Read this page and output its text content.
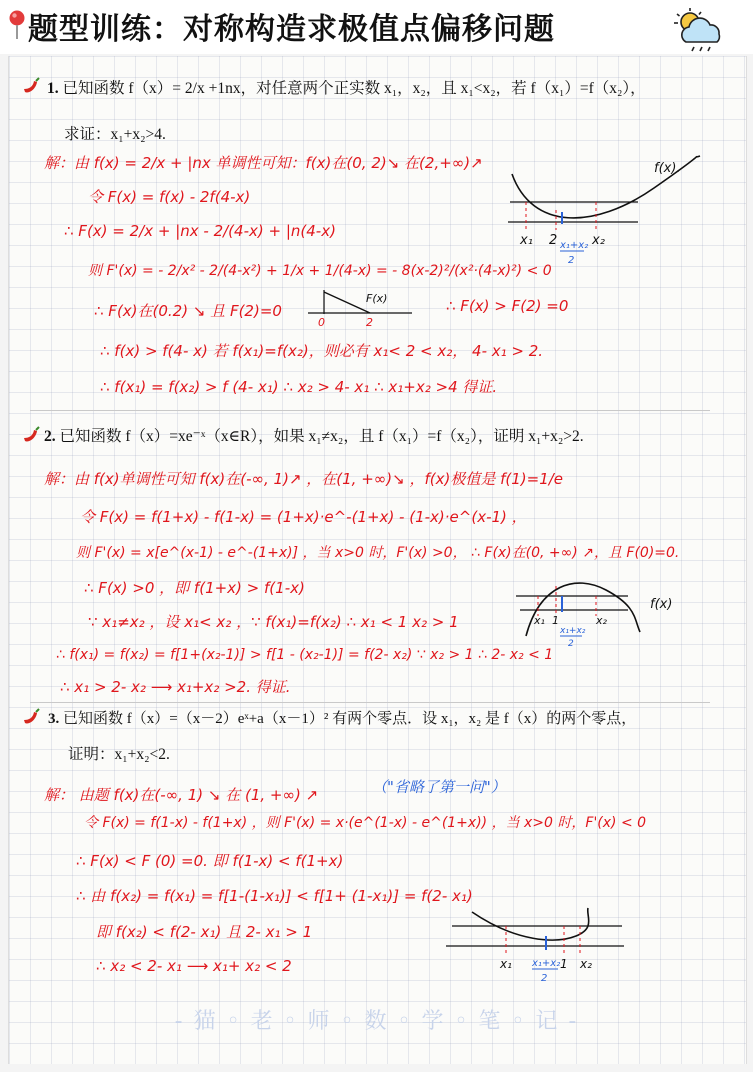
题型训练：对称构造求极值点偏移问题
1. 已知函数 f（x）= 2/x +1nx，对任意两个正实数 x₁，x₂，且 x₁<x₂，若 f（x₁）=f（x₂），
求证：x₁+x₂>4.
解：由 f(x) = 2/x + |nx 单调性可知：f(x)在(0, 2)↘ 在(2,+∞)↗
令 F(x) = f(x) - 2f(4-x)
∴ F(x) = 2/x + |nx - 2/(4-x) + |n(4-x)
则 F'(x) = - 2/x² - 2/(4-x²) + 1/x + 1/(4-x) = - 8(x-2)²/(x²·(4-x)²) < 0
∴ F(x)在(0.2) ↘ 且 F(2)=0	∴ F(x) > F(2) =0
∴ f(x) > f(4- x) 若 f(x₁)=f(x₂)，则必有 x₁< 2 < x₂， 4- x₁ > 2.
∴ f(x₁) = f(x₂) > f (4- x₁) ∴ x₂ > 4- x₁ ∴ x₁+x₂ >4 得证.
f(x).
x₁ 2 x₁+x₂
2
x₂
F(x)
0	2
2. 已知函数 f（x）=xe⁻ˣ（x∈R），如果 x₁≠x₂，且 f（x₁）=f（x₂），证明 x₁+x₂>2.
解：由 f(x)单调性可知 f(x)在(-∞, 1)↗ ，在(1, +∞)↘ ，f(x)极值是 f(1)=1/e
令 F(x) = f(1+x) - f(1-x) = (1+x)·e^-(1+x) - (1-x)·e^(x-1) ，
则 F'(x) = x[e^(x-1) - e^-(1+x)] ，当 x>0 时，F'(x) >0， ∴ F(x)在(0, +∞) ↗，且 F(0)=0.
∴ F(x) >0 ，即 f(1+x) > f(1-x)
∵ x₁≠x₂ ，设 x₁< x₂ ，∵ f(x₁)=f(x₂) ∴ x₁ < 1 x₂ > 1
∴ f(x₁) = f(x₂) = f[1+(x₂-1)] > f[1 - (x₂-1)] = f(2- x₂) ∵ x₂ > 1 ∴ 2- x₂ < 1
∴ x₁ > 2- x₂ ⟶ x₁+x₂ >2. 得证.
f(x)
x₁ 1
x₁+x₂
2
x₂
3. 已知函数 f（x）=（x－2）eˣ+a（x－1）² 有两个零点．设 x₁，x₂ 是 f（x）的两个零点，
证明：x₁+x₂<2.
解： 由题 f(x)在(-∞, 1) ↘ 在 (1, +∞) ↗	（"省略了第一问"）
令 F(x) = f(1-x) - f(1+x) ，则 F'(x) = x·(e^(1-x) - e^(1+x)) ，当 x>0 时，F'(x) < 0
∴ F(x) < F (0) =0. 即 f(1-x) < f(1+x)
∴ 由 f(x₂) = f(x₁) = f[1-(1-x₁)] < f[1+ (1-x₁)] = f(2- x₁)
即 f(x₂) < f(2- x₁) 且 2- x₁ > 1
∴ x₂ < 2- x₁ ⟶ x₁+ x₂ < 2	x₁ x₁+x₂
2
1 x₂
- 猫 ◦ 老 ◦ 师 ◦ 数 ◦ 学 ◦ 笔 ◦ 记 -
